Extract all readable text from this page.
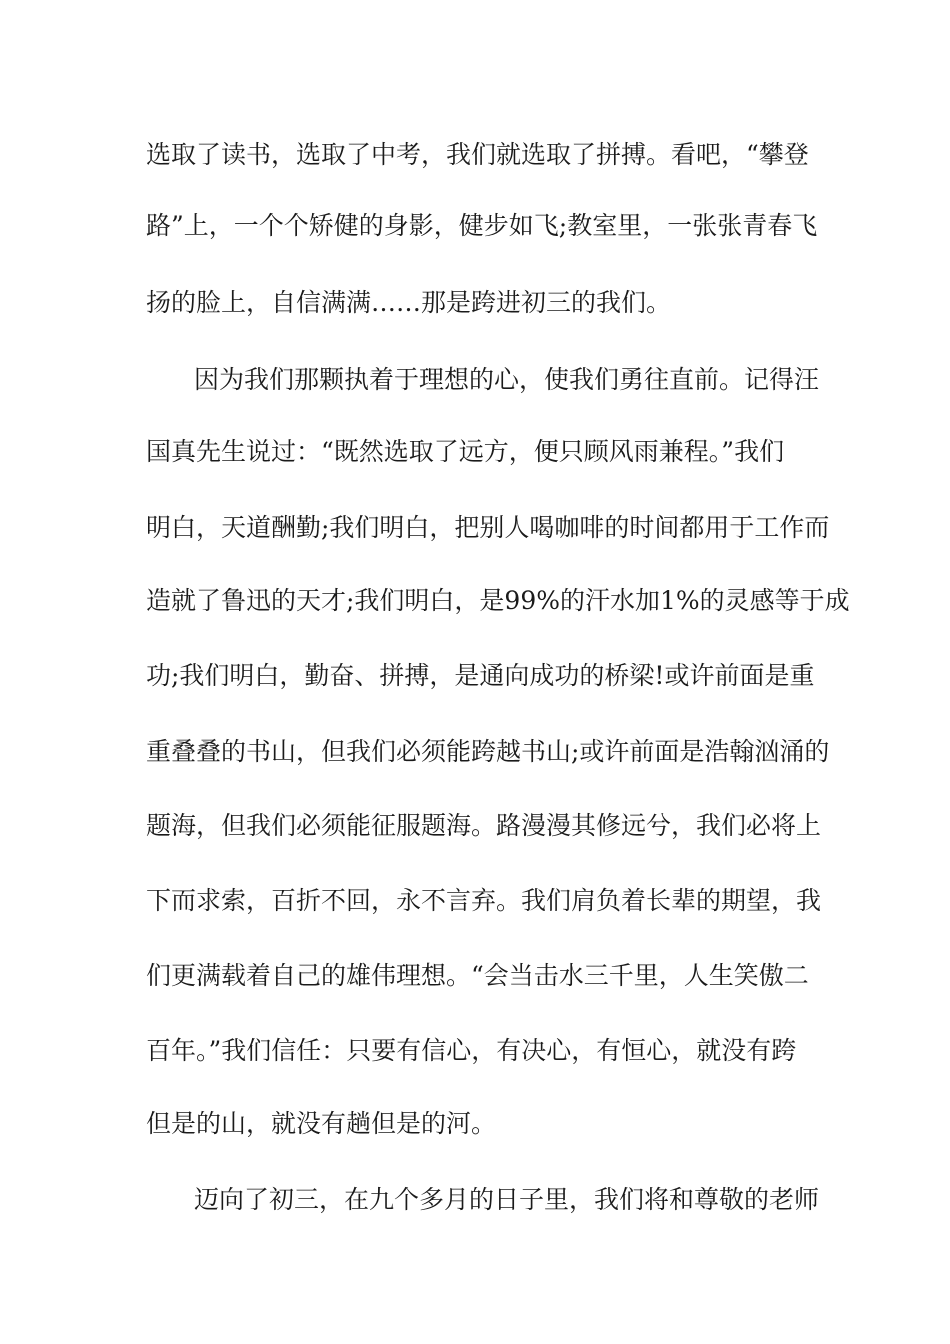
选取了读书，选取了中考，我们就选取了拼搏。看吧，“攀登
路”上，一个个矫健的身影，健步如飞;教室里，一张张青春飞
扬的脸上，自信满满……那是跨进初三的我们。
因为我们那颗执着于理想的心，使我们勇往直前。记得汪
国真先生说过：“既然选取了远方，便只顾风雨兼程。”我们
明白，天道酬勤;我们明白，把别人喝咖啡的时间都用于工作而
造就了鲁迅的天才;我们明白，是99%的汗水加1%的灵感等于成
功;我们明白，勤奋、拼搏，是通向成功的桥梁!或许前面是重
重叠叠的书山，但我们必须能跨越书山;或许前面是浩翰汹涌的
题海，但我们必须能征服题海。路漫漫其修远兮，我们必将上
下而求索，百折不回，永不言弃。我们肩负着长辈的期望，我
们更满载着自己的雄伟理想。“会当击水三千里，人生笑傲二
百年。”我们信任：只要有信心，有决心，有恒心，就没有跨
但是的山，就没有趟但是的河。
迈向了初三，在九个多月的日子里，我们将和尊敬的老师
